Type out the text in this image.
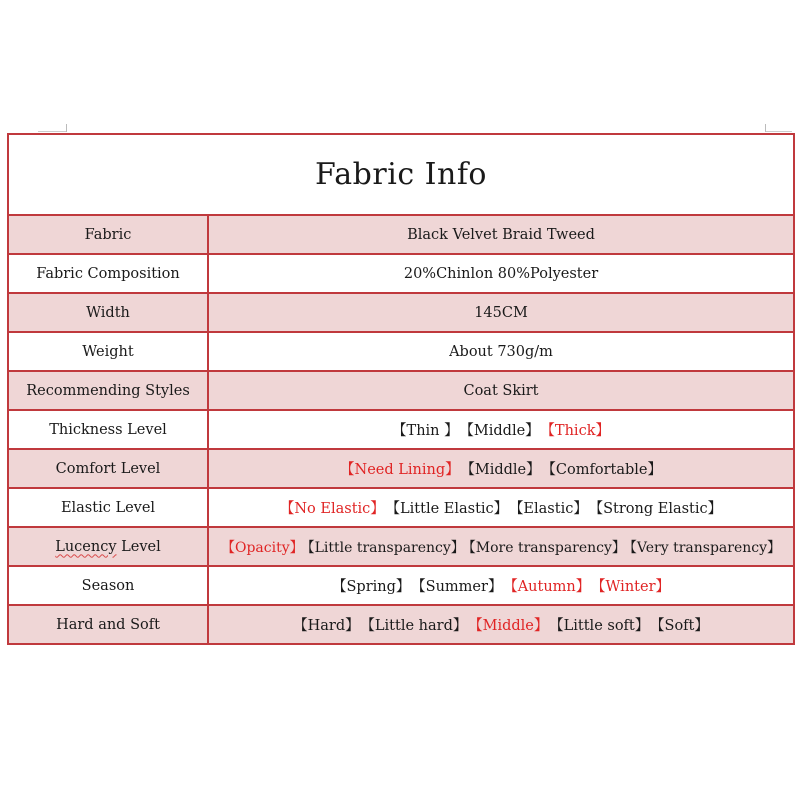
Fabric Info	
Fabric	Black Velvet Braid Tweed
Fabric Composition	20%Chinlon 80%Polyester
Width	145CM
Weight	About 730g/m
Recommending Styles	Coat Skirt
Thickness Level	【Thin 】 【Middle】 【Thick】
Comfort Level	【Need Lining】 【Middle】 【Comfortable】
Elastic Level	【No Elastic】 【Little Elastic】 【Elastic】 【Strong Elastic】
Lucency Level	【Opacity】 【Little transparency】 【More transparency】 【Very transparency】
Season	【Spring】 【Summer】 【Autumn】 【Winter】
Hard and Soft	【Hard】 【Little hard】 【Middle】 【Little soft】 【Soft】
